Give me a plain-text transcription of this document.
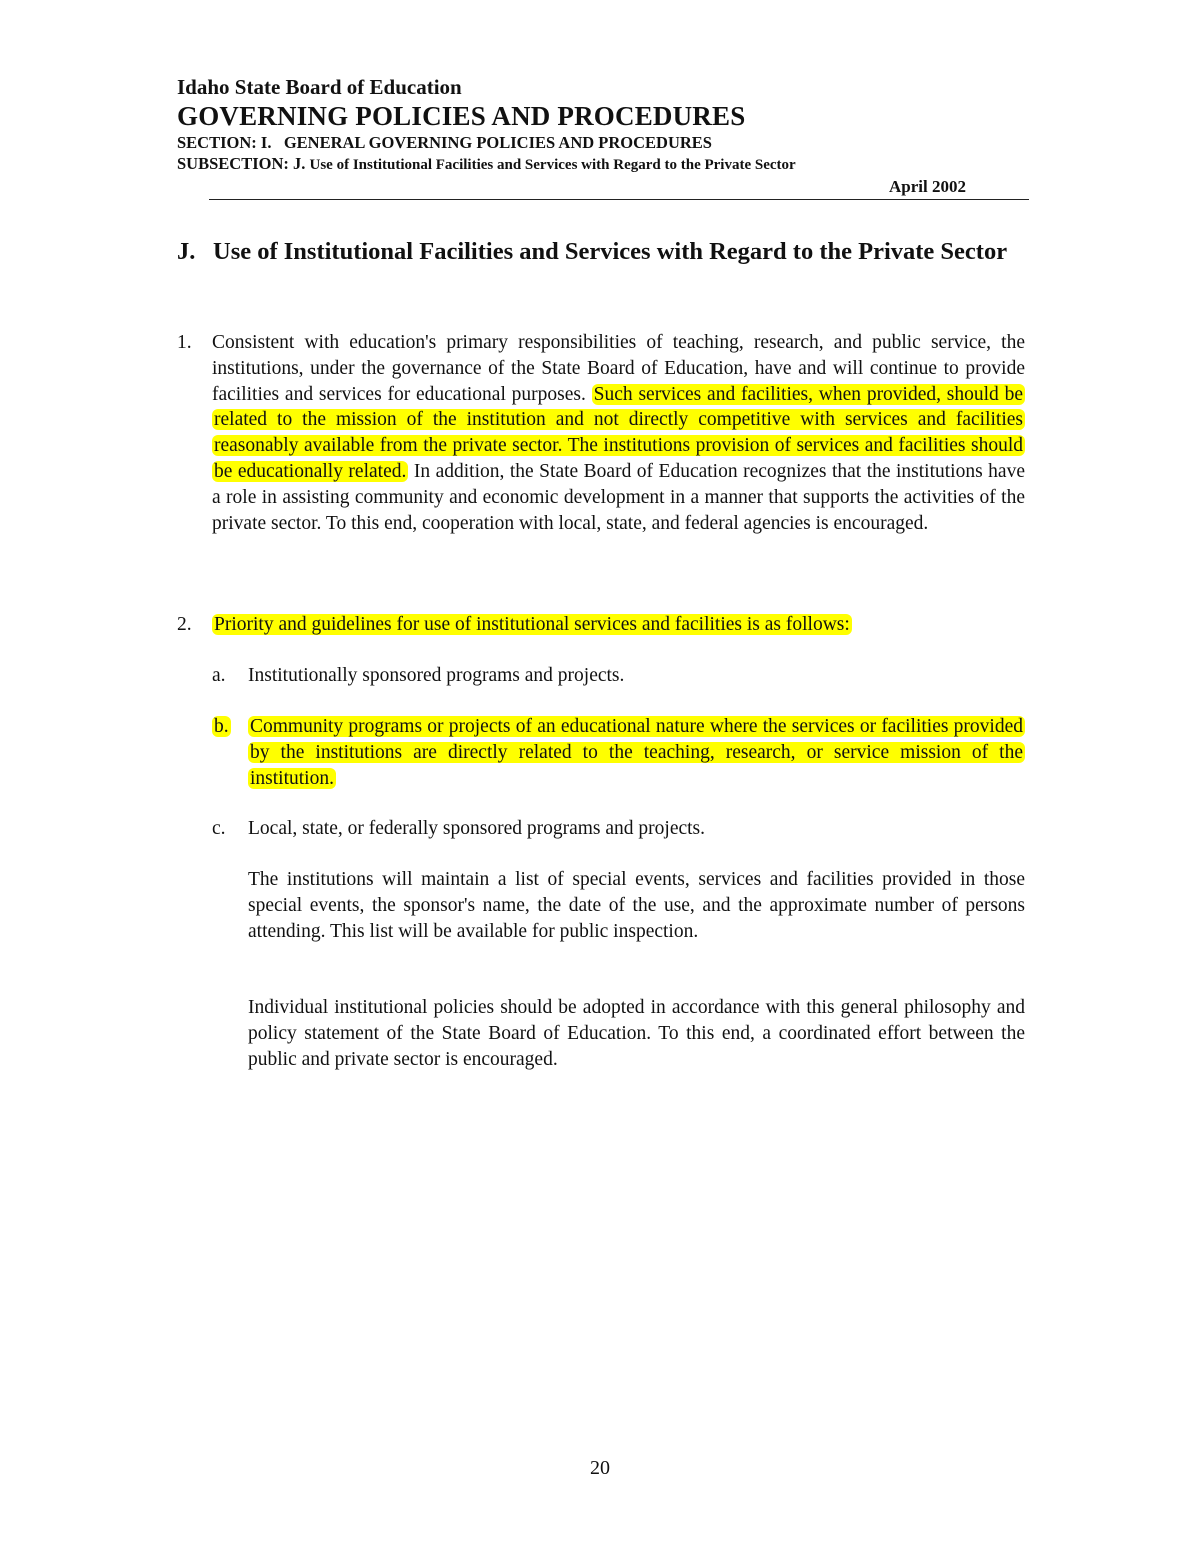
Idaho State Board of Education

GOVERNING POLICIES AND PROCEDURES

SECTION: I.   GENERAL GOVERNING POLICIES AND PROCEDURES

SUBSECTION: J. Use of Institutional Facilities and Services with Regard to the Private Sector

April 2002

J. Use of Institutional Facilities and Services with Regard to the Private Sector
1.	Consistent with education's primary responsibilities of teaching, research, and public service, the institutions, under the governance of the State Board of Education, have and will continue to provide facilities and services for educational purposes. Such services and facilities, when provided, should be related to the mission of the institution and not directly competitive with services and facilities reasonably available from the private sector. The institutions provision of services and facilities should be educationally related. In addition, the State Board of Education recognizes that the institutions have a role in assisting community and economic development in a manner that supports the activities of the private sector. To this end, cooperation with local, state, and federal agencies is encouraged.
2.	Priority and guidelines for use of institutional services and facilities is as follows:
a.	Institutionally sponsored programs and projects.
b.	Community programs or projects of an educational nature where the services or facilities provided by the institutions are directly related to the teaching, research, or service mission of the institution.
c.	Local, state, or federally sponsored programs and projects.
The institutions will maintain a list of special events, services and facilities provided in those special events, the sponsor's name, the date of the use, and the approximate number of persons attending. This list will be available for public inspection.
Individual institutional policies should be adopted in accordance with this general philosophy and policy statement of the State Board of Education. To this end, a coordinated effort between the public and private sector is encouraged.
20
